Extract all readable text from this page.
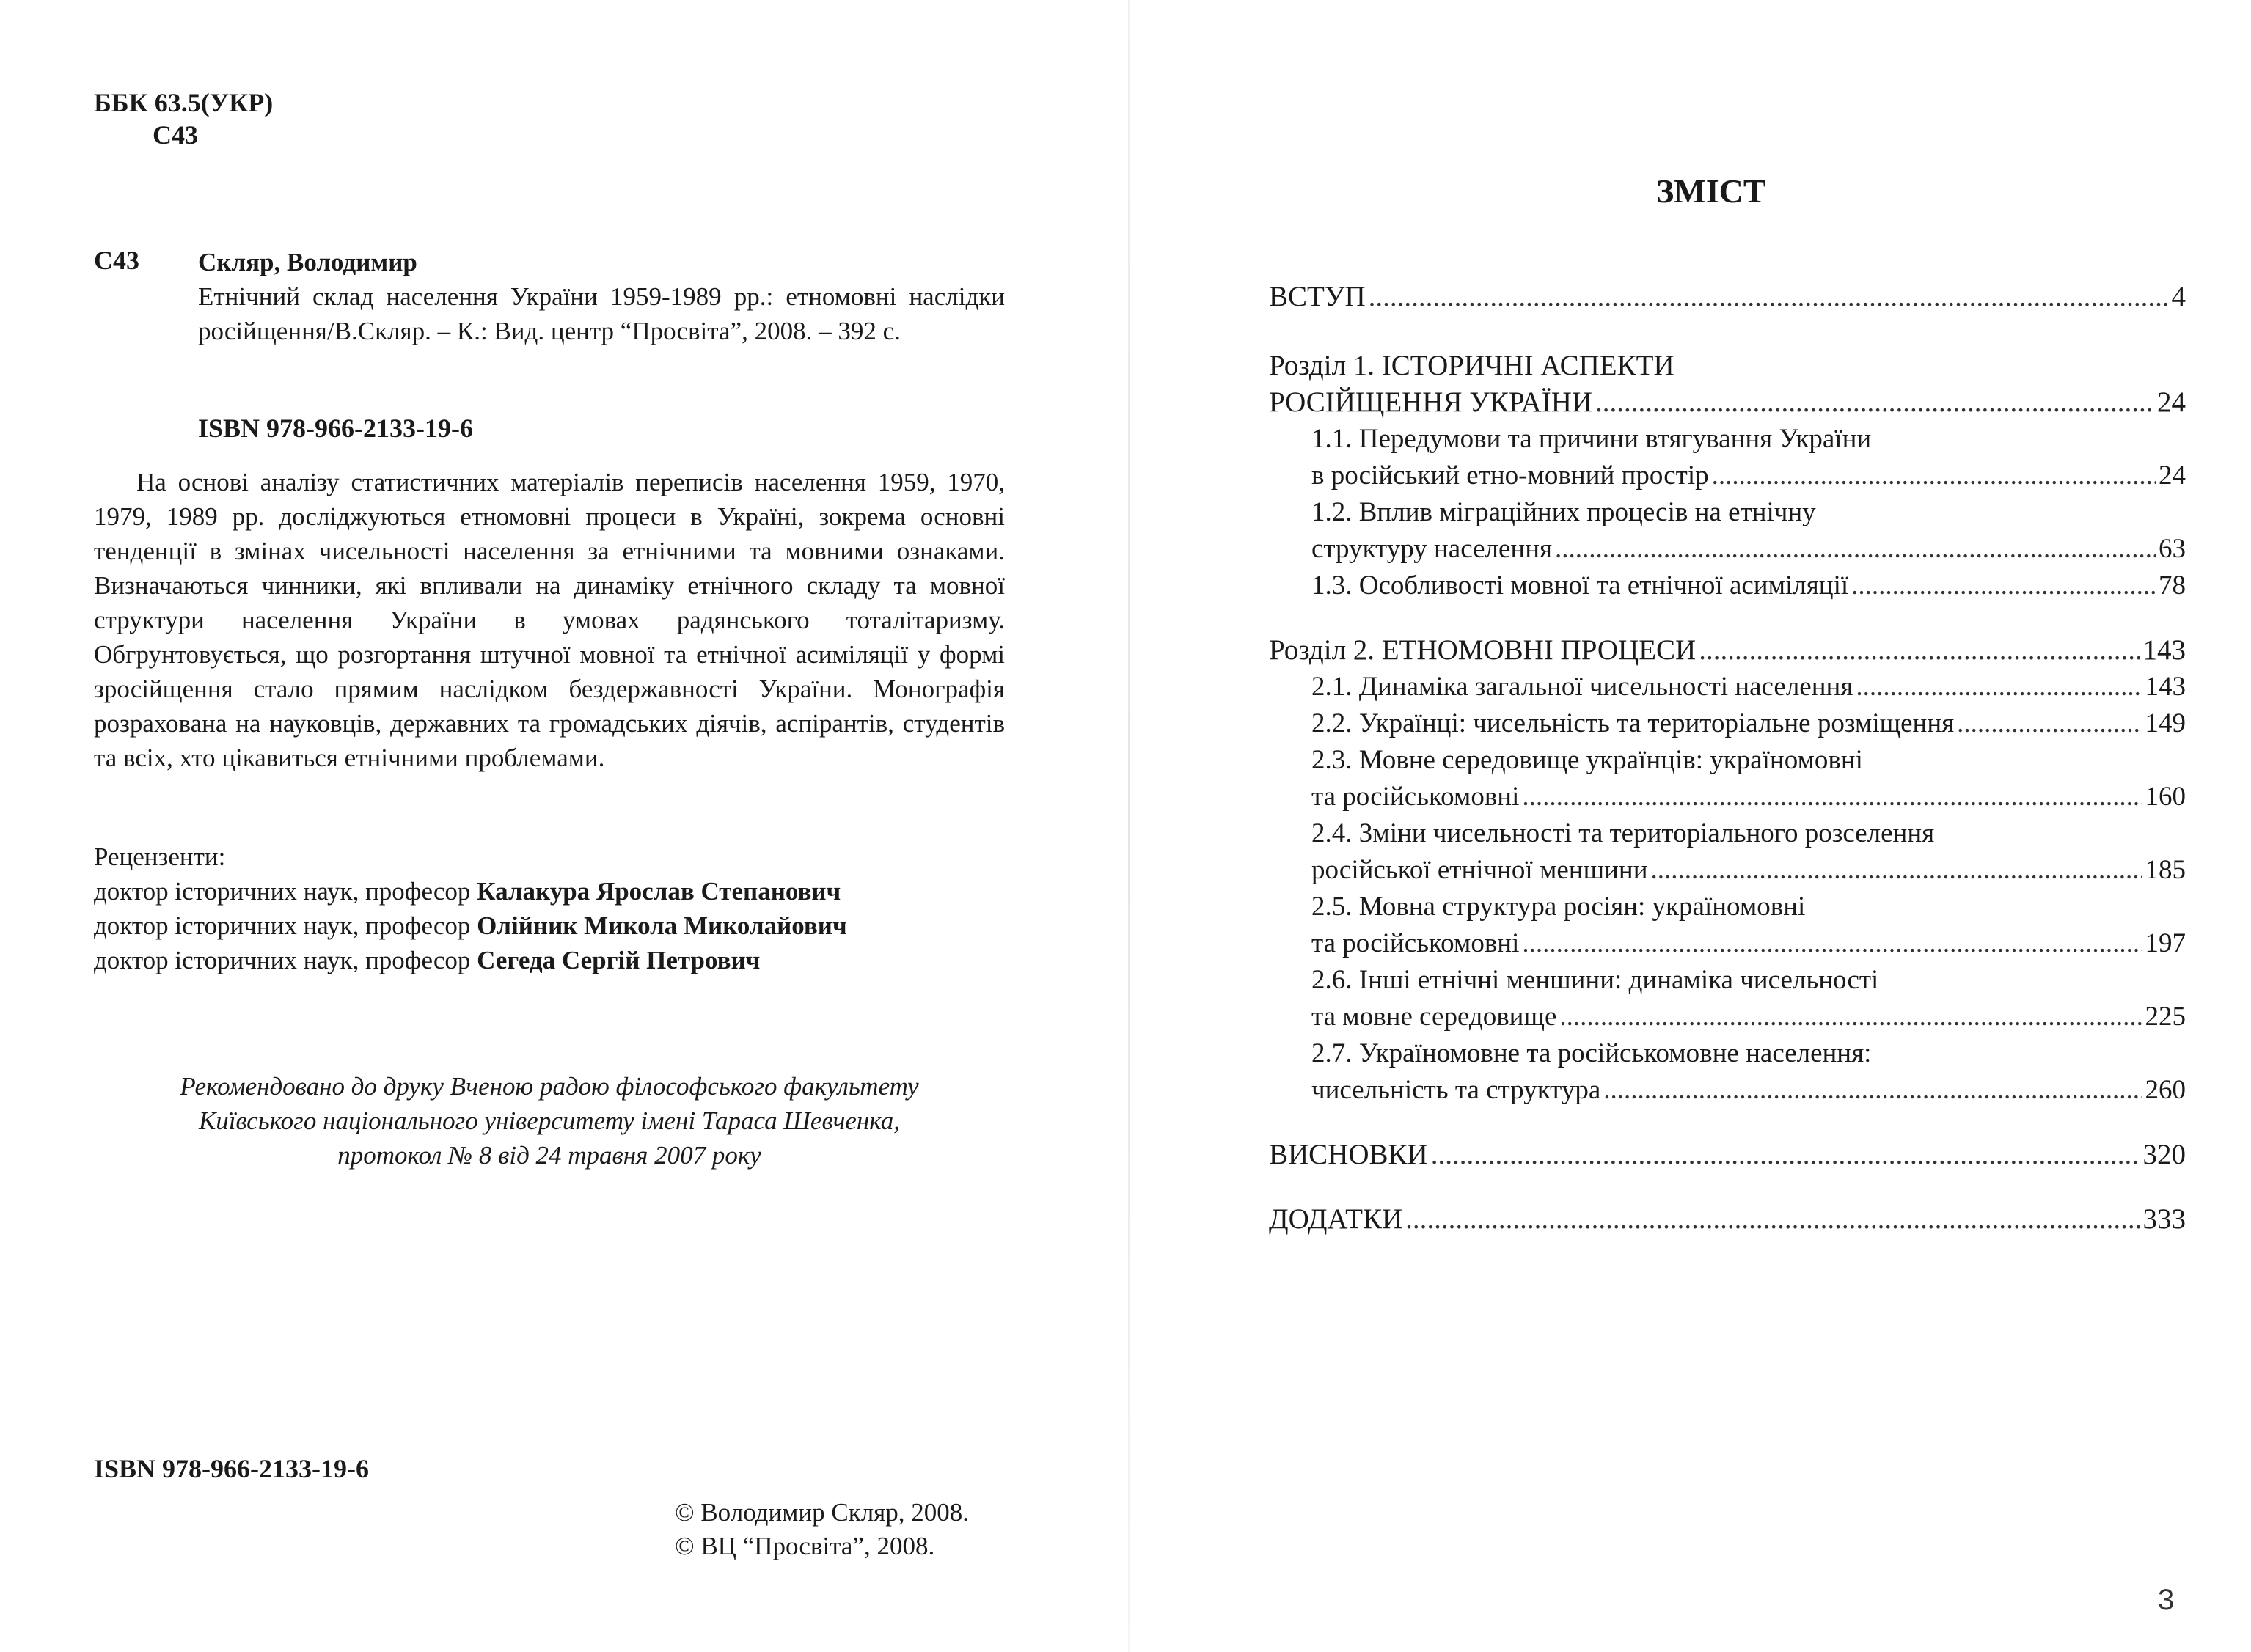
ББК 63.5(УКР)
С43
С43 Скляр, Володимир
Етнічний склад населення України 1959-1989 рр.: етномовні наслідки російщення/В.Скляр. – К.: Вид. центр “Просвіта”, 2008. – 392 с.
ISBN 978-966-2133-19-6
На основі аналізу статистичних матеріалів переписів населення 1959, 1970, 1979, 1989 рр. досліджуються етномовні процеси в Україні, зокрема основні тенденції в змінах чисельності населення за етнічними та мовними ознаками. Визначаються чинники, які впливали на динаміку етнічного складу та мовної структури населення України в умовах радянського тоталітаризму. Обгрунтовується, що розгортання штучної мовної та етнічної асиміляції у формі зросійщення стало прямим наслідком бездержавності України. Монографія розрахована на науковців, державних та громадських діячів, аспірантів, студентів та всіх, хто цікавиться етнічними проблемами.
Рецензенти:
доктор історичних наук, професор Калакура Ярослав Степанович
доктор історичних наук, професор Олійник Микола Миколайович
доктор історичних наук, професор Сегеда Сергій Петрович
Рекомендовано до друку Вченою радою філософського факультету
Київського національного університету імені Тараса Шевченка,
протокол № 8 від 24 травня 2007 року
ISBN 978-966-2133-19-6
© Володимир Скляр, 2008.
© ВЦ “Просвіта”, 2008.
ЗМІСТ
ВСТУП .....	4
Розділ 1. ІСТОРИЧНІ АСПЕКТИ
РОСІЙЩЕННЯ УКРАЇНИ .....	24
1.1. Передумови та причини втягування України
в російський етно-мовний простір .....	24
1.2. Вплив міграційних процесів на етнічну
структуру населення .....	63
1.3. Особливості мовної та етнічної асиміляції .....	78
Розділ 2. ЕТНОМОВНІ ПРОЦЕСИ .....	143
2.1. Динаміка загальної чисельності населення .....	143
2.2. Українці: чисельність та територіальне розміщення .....	149
2.3. Мовне середовище українців: україномовні
та російськомовні .....	160
2.4. Зміни чисельності та територіального розселення
російської етнічної меншини .....	185
2.5. Мовна структура росіян: україномовні
та російськомовні .....	197
2.6. Інші етнічні меншини: динаміка чисельності
та мовне середовище .....	225
2.7. Україномовне та російськомовне населення:
чисельність та структура .....	260
ВИСНОВКИ .....	320
ДОДАТКИ .....	333
3
